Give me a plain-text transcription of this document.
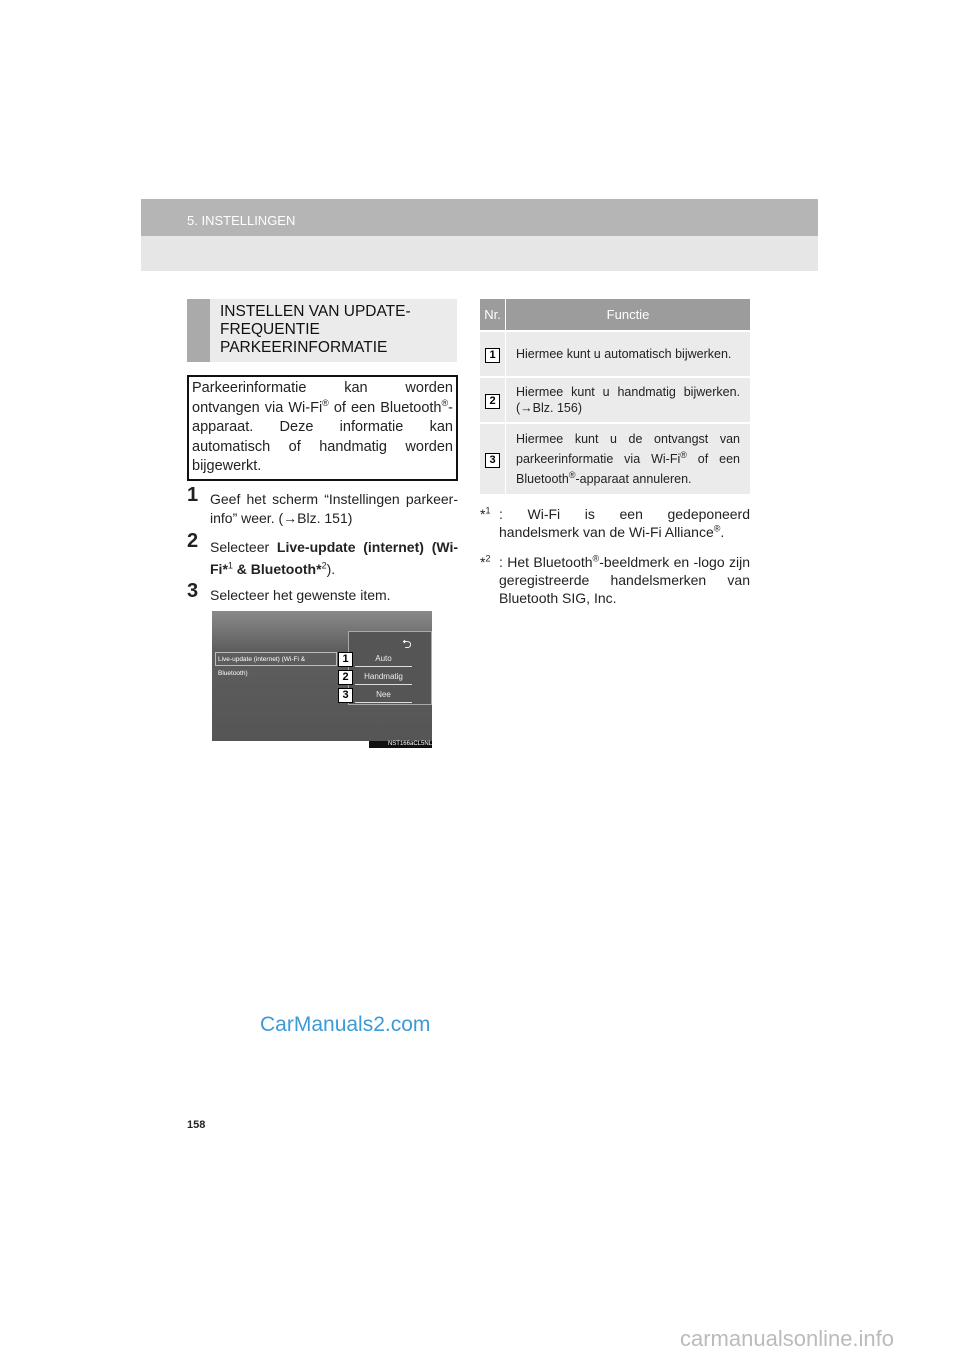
5. INSTELLINGEN
INSTELLEN VAN UPDATE-
FREQUENTIE
PARKEERINFORMATIE
Parkeerinformatie kan worden ontvangen via Wi-Fi® of een Bluetooth®-apparaat. Deze informatie kan automatisch of handmatig worden bijgewerkt.
1 Geef het scherm “Instellingen parkeer-info” weer. (→Blz. 151)
2 Selecteer Live-update (internet) (Wi-Fi*$^1$ & Bluetooth*$^2$).
3 Selecteer het gewenste item.
⮌
Live-update (internet) (Wi-Fi & Bluetooth)
1
2
3
Auto
Handmatig
Nee
NST166aCL5NL
Nr.	Functie
1	Hiermee kunt u automatisch bijwerken.
2	Hiermee kunt u handmatig bijwerken. (→Blz. 156)
3	Hiermee kunt u de ontvangst van parkeerinformatie via Wi-Fi® of een Bluetooth®-apparaat annuleren.
*$^1$ : Wi-Fi is een gedeponeerd handelsmerk van de Wi-Fi Alliance®.
*$^2$ : Het Bluetooth®-beeldmerk en -logo zijn geregistreerde handelsmerken van Bluetooth SIG, Inc.
CarManuals2.com
158
carmanualsonline.info
